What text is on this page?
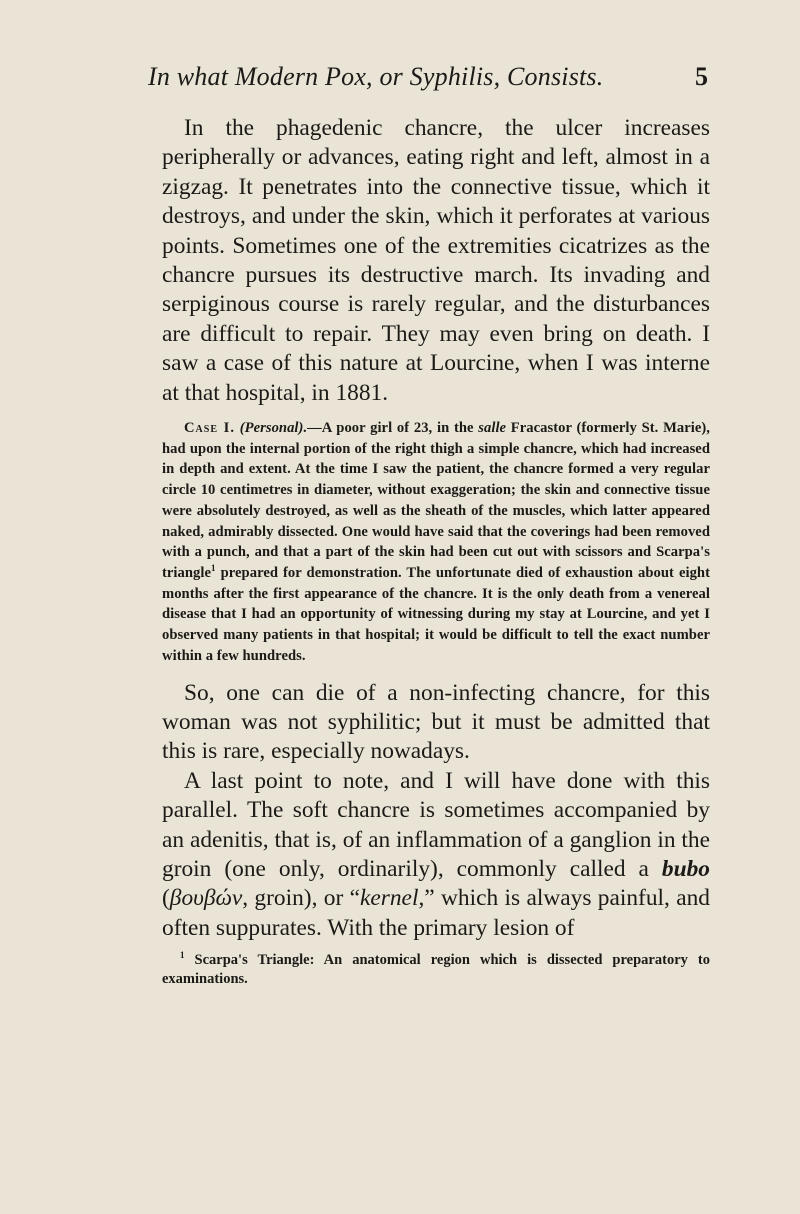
In what Modern Pox, or Syphilis, Consists.	5

In the phagedenic chancre, the ulcer increases peripherally or advances, eating right and left, almost in a zigzag. It penetrates into the connective tissue, which it destroys, and under the skin, which it perforates at various points. Sometimes one of the extremities cicatrizes as the chancre pursues its destructive march. Its invading and serpiginous course is rarely regular, and the disturbances are difficult to repair. They may even bring on death. I saw a case of this nature at Lourcine, when I was interne at that hospital, in 1881.

Case I. (Personal).—A poor girl of 23, in the salle Fracastor (formerly St. Marie), had upon the internal portion of the right thigh a simple chancre, which had increased in depth and extent. At the time I saw the patient, the chancre formed a very regular circle 10 centimetres in diameter, without exaggeration; the skin and connective tissue were absolutely destroyed, as well as the sheath of the muscles, which latter appeared naked, admirably dissected. One would have said that the coverings had been removed with a punch, and that a part of the skin had been cut out with scissors and Scarpa's triangle$^1$ prepared for demonstration. The unfortunate died of exhaustion about eight months after the first appearance of the chancre. It is the only death from a venereal disease that I had an opportunity of witnessing during my stay at Lourcine, and yet I observed many patients in that hospital; it would be difficult to tell the exact number within a few hundreds.

So, one can die of a non-infecting chancre, for this woman was not syphilitic; but it must be admitted that this is rare, especially nowadays.

A last point to note, and I will have done with this parallel. The soft chancre is sometimes accompanied by an adenitis, that is, of an inflammation of a ganglion in the groin (one only, ordinarily), commonly called a bubo (βουβών, groin), or “kernel,” which is always painful, and often suppurates. With the primary lesion of

$^1$ Scarpa's Triangle: An anatomical region which is dissected preparatory to examinations.
